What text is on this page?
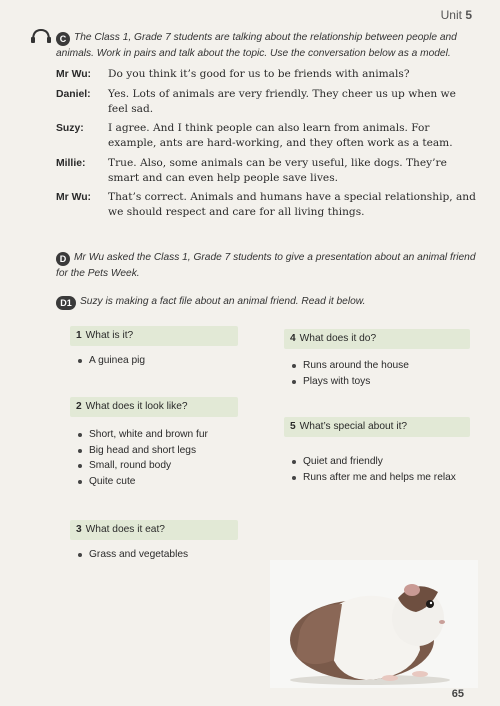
Unit 5
C The Class 1, Grade 7 students are talking about the relationship between people and animals. Work in pairs and talk about the topic. Use the conversation below as a model.
Mr Wu:	Do you think it’s good for us to be friends with animals?
Daniel:	Yes. Lots of animals are very friendly. They cheer us up when we feel sad.
Suzy:	I agree. And I think people can also learn from animals. For example, ants are hard-working, and they often work as a team.
Millie:	True. Also, some animals can be very useful, like dogs. They’re smart and can even help people save lives.
Mr Wu:	That’s correct. Animals and humans have a special relationship, and we should respect and care for all living things.
D Mr Wu asked the Class 1, Grade 7 students to give a presentation about an animal friend for the Pets Week.
D1 Suzy is making a fact file about an animal friend. Read it below.
1 What is it?
A guinea pig
2 What does it look like?
Short, white and brown fur
Big head and short legs
Small, round body
Quite cute
3 What does it eat?
Grass and vegetables
4 What does it do?
Runs around the house
Plays with toys
5 What’s special about it?
Quiet and friendly
Runs after me and helps me relax
65
